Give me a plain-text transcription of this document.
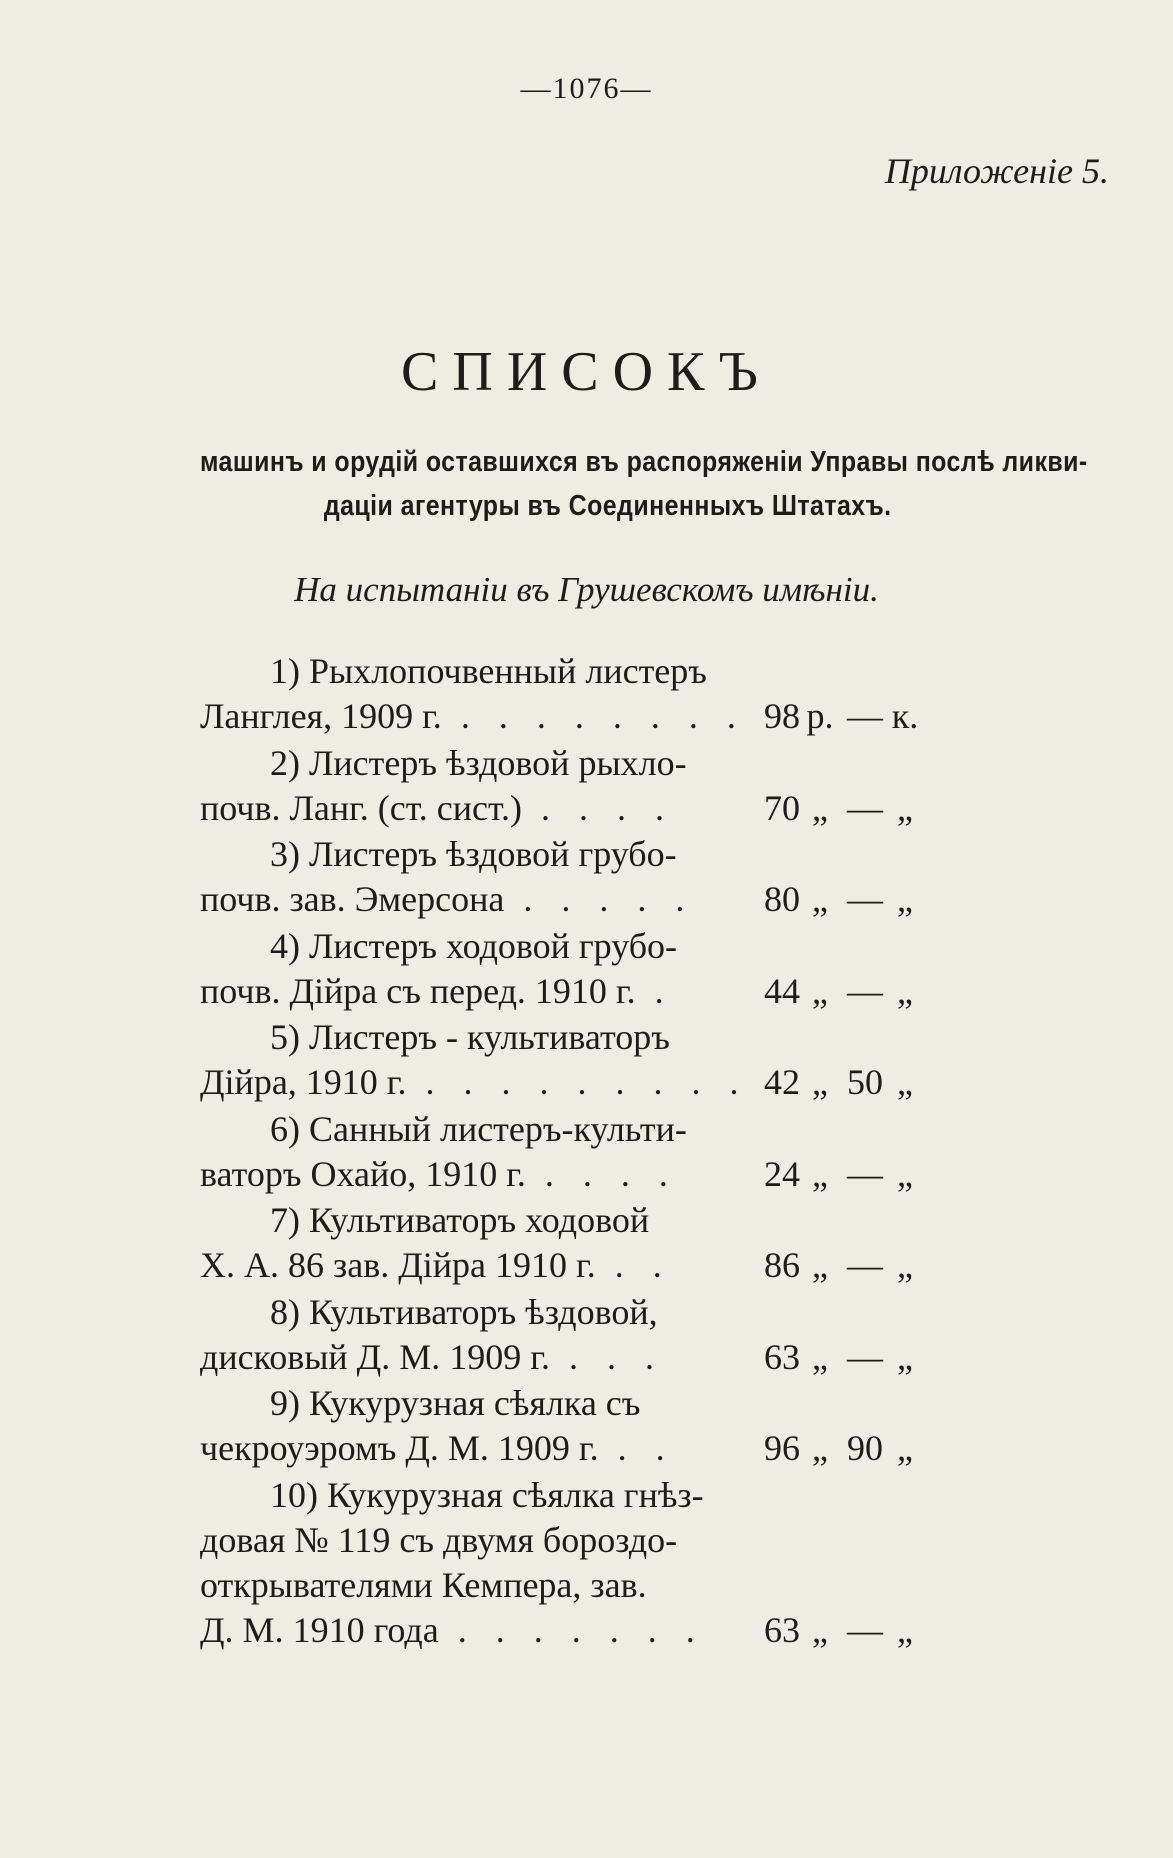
—1076—
Приложеніе 5.
СПИСОКЪ
машинъ и орудій оставшихся въ распоряженіи Управы послѣ ликви-
даціи агентуры въ Соединенныхъ Штатахъ.
На испытаніи въ Грушевскомъ имѣніи.
1) Рыхлопочвенный листеръ
Ланглея, 1909 г. . . . . . . . . 98 р. — к.
2) Листеръ ѣздовой рыхло-
почв. Ланг. (ст. сист.) . . . .	70 „ — „
3) Листеръ ѣздовой грубо-
почв. зав. Эмерсона . . . . .	80 „ — „
4) Листеръ ходовой грубо-
почв. Дійра съ перед. 1910 г. .	44 „ — „
5) Листеръ - культиваторъ
Дійра, 1910 г. . . . . . . . . . 42 „ 50 „
6) Санный листеръ-культи-
ваторъ Охайо, 1910 г. . . . .	24 „ — „
7) Культиваторъ ходовой
Х. А. 86 зав. Дійра 1910 г. . .	86 „ — „
8) Культиваторъ ѣздовой,
дисковый Д. М. 1909 г. . . .	63 „ — „
9) Кукурузная сѣялка съ
чекроуэромъ Д. М. 1909 г. . .	96 „ 90 „
10) Кукурузная сѣялка гнѣз-
довая № 119 съ двумя бороздо-
открывателями Кемпера, зав.
Д. М. 1910 года . . . . . . .	63 „ — „
